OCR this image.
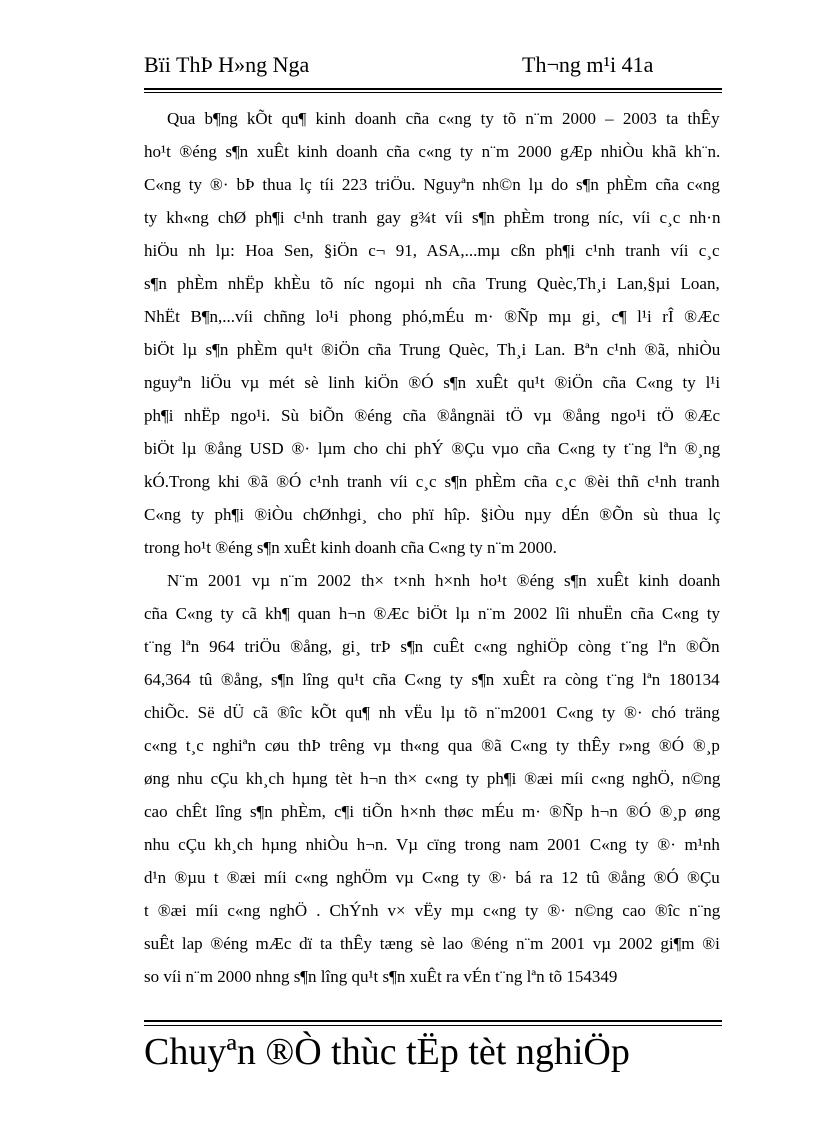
Bïi ThÞ H»ng Nga	Th¬ng m¹i 41a
Qua b¶ng kÕt qu¶ kinh doanh cña c«ng ty tõ n¨m 2000 – 2003 ta thÊy
ho¹t ®éng s¶n xuÊt kinh doanh cña c«ng ty n¨m 2000 gÆp nhiÒu khã kh¨n.
C«ng ty ®· bÞ thua lç tíi 223 triÖu. Nguyªn nh©n lµ do s¶n phÈm cña c«ng
ty kh«ng chØ ph¶i c¹nh tranh gay g¾t víi s¶n phÈm trong níc, víi c¸c nh·n
hiÖu nh lµ: Hoa Sen, §iÖn c¬ 91, ASA,...mµ cßn ph¶i c¹nh tranh víi c¸c
s¶n phÈm nhËp khÈu tõ níc ngoµi nh cña Trung Quèc,Th¸i Lan,§µi Loan,
NhËt B¶n,...víi chñng lo¹i phong phó,mÉu m· ®Ñp mµ gi¸ c¶ l¹i rÎ ®Æc
biÖt lµ s¶n phÈm qu¹t ®iÖn cña Trung Quèc, Th¸i Lan. Bªn c¹nh ®ã, nhiÒu
nguyªn liÖu vµ mét sè linh kiÖn ®Ó s¶n xuÊt qu¹t ®iÖn cña C«ng ty l¹i
ph¶i nhËp ngo¹i. Sù biÕn ®éng cña ®ångnäi tÖ vµ ®ång ngo¹i tÖ ®Æc
biÖt lµ ®ång USD ®· lµm cho chi phÝ ®Çu vµo cña C«ng ty t¨ng lªn ®¸ng
kÓ.Trong khi ®ã ®Ó c¹nh tranh víi c¸c s¶n phÈm cña c¸c ®èi thñ c¹nh tranh
C«ng ty ph¶i ®iÒu chØnhgi¸ cho phï hîp. §iÒu nµy dÉn ®Õn sù thua lç
trong ho¹t ®éng s¶n xuÊt kinh doanh cña C«ng ty n¨m 2000.
N¨m 2001 vµ n¨m 2002 th× t×nh h×nh ho¹t ®éng s¶n xuÊt kinh doanh
cña C«ng ty cã kh¶ quan h¬n ®Æc biÖt lµ n¨m 2002 lîi nhuËn cña C«ng ty
t¨ng lªn 964 triÖu ®ång, gi¸ trÞ s¶n cuÊt c«ng nghiÖp còng t¨ng lªn ®Õn
64,364 tû ®ång, s¶n lîng qu¹t cña C«ng ty s¶n xuÊt ra còng t¨ng lªn 180134
chiÕc. Së dÜ cã ®îc kÕt qu¶ nh vËu lµ tõ n¨m2001 C«ng ty ®· chó träng
c«ng t¸c nghiªn cøu thÞ trêng vµ th«ng qua ®ã C«ng ty thÊy r»ng ®Ó ®¸p
øng nhu cÇu kh¸ch hµng tèt h¬n th× c«ng ty ph¶i ®æi míi c«ng nghÖ, n©ng
cao chÊt lîng s¶n phÈm, c¶i tiÕn h×nh thøc mÉu m· ®Ñp h¬n ®Ó ®¸p øng
nhu cÇu kh¸ch hµng nhiÒu h¬n. Vµ cïng trong nam 2001 C«ng ty ®· m¹nh
d¹n ®µu t ®æi míi c«ng nghÖm vµ C«ng ty ®· bá ra 12 tû ®ång ®Ó ®Çu
t ®æi míi c«ng nghÖ . ChÝnh v× vËy mµ c«ng ty ®· n©ng cao ®îc n¨ng
suÊt lap ®éng mÆc dï ta thÊy tæng sè lao ®éng n¨m 2001 vµ 2002 gi¶m ®i
so víi n¨m 2000 nhng s¶n lîng qu¹t s¶n xuÊt ra vÉn t¨ng lªn tõ 154349
Chuyªn ®Ò thùc tËp tèt nghiÖp
